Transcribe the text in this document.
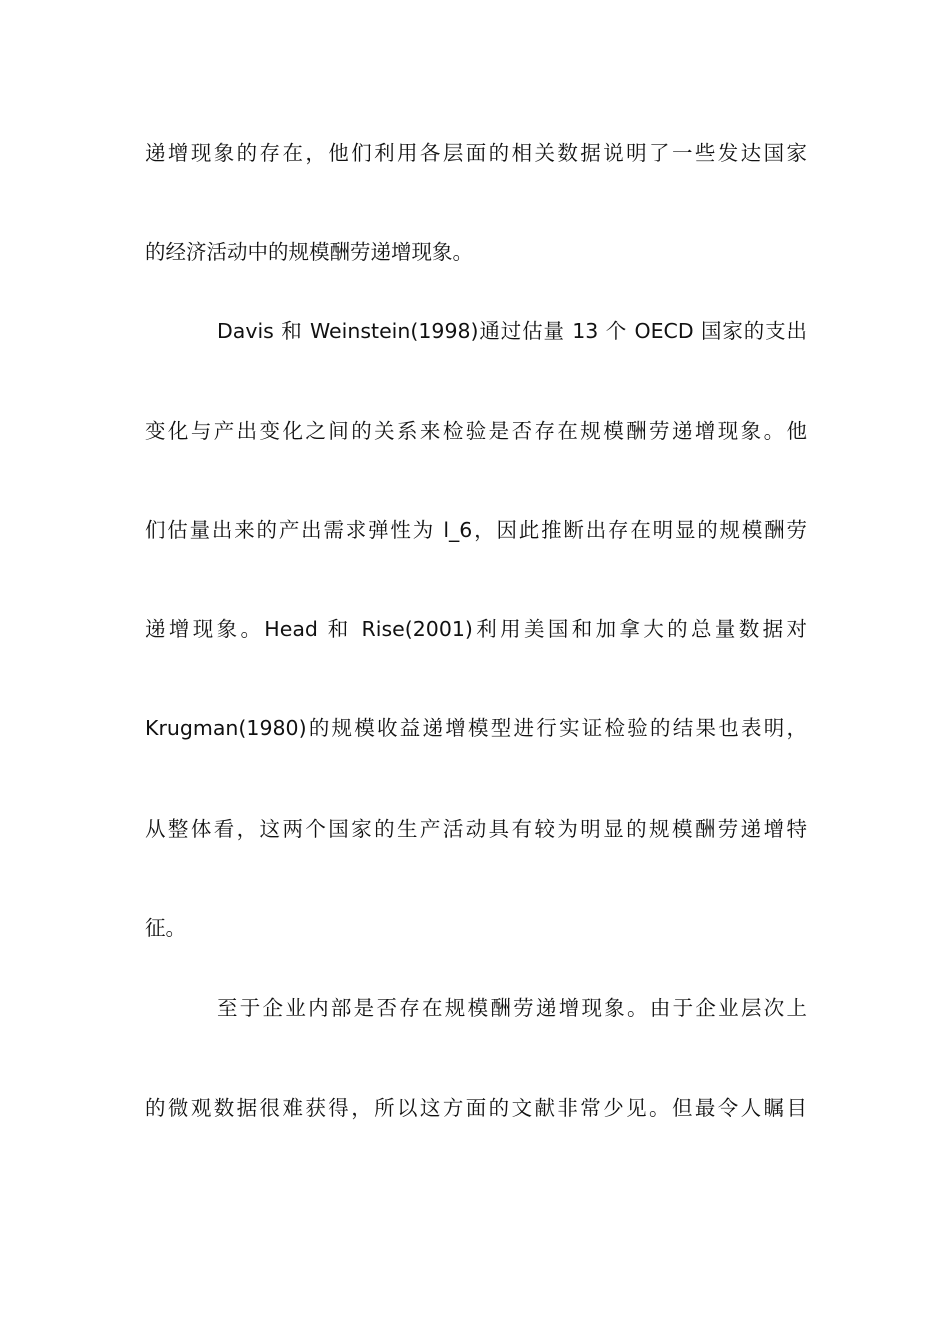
递增现象的存在，他们利用各层面的相关数据说明了一些发达国家
的经济活动中的规模酬劳递增现象。
Davis 和 Weinstein(1998)通过估量 13 个 OECD 国家的支出
变化与产出变化之间的关系来检验是否存在规模酬劳递增现象。他
们估量出来的产出需求弹性为 l_6，因此推断出存在明显的规模酬劳
递增现象。Head 和 Rise(2001)利用美国和加拿大的总量数据对
Krugman(1980)的规模收益递增模型进行实证检验的结果也表明，
从整体看，这两个国家的生产活动具有较为明显的规模酬劳递增特
征。
至于企业内部是否存在规模酬劳递增现象。由于企业层次上
的微观数据很难获得，所以这方面的文献非常少见。但最令人瞩目
